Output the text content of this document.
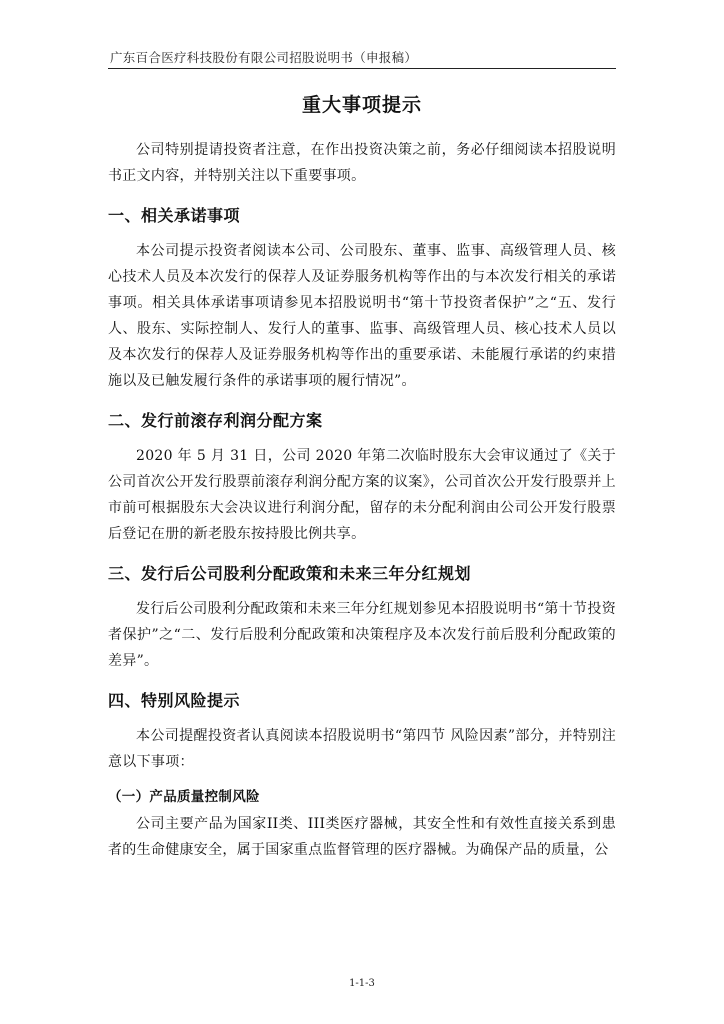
广东百合医疗科技股份有限公司招股说明书（申报稿）
重大事项提示

公司特别提请投资者注意，在作出投资决策之前，务必仔细阅读本招股说明书正文内容，并特别关注以下重要事项。

一、相关承诺事项

本公司提示投资者阅读本公司、公司股东、董事、监事、高级管理人员、核心技术人员及本次发行的保荐人及证券服务机构等作出的与本次发行相关的承诺事项。相关具体承诺事项请参见本招股说明书“第十节投资者保护”之“五、发行人、股东、实际控制人、发行人的董事、监事、高级管理人员、核心技术人员以及本次发行的保荐人及证券服务机构等作出的重要承诺、未能履行承诺的约束措施以及已触发履行条件的承诺事项的履行情况”。

二、发行前滚存利润分配方案

2020 年 5 月 31 日，公司 2020 年第二次临时股东大会审议通过了《关于公司首次公开发行股票前滚存利润分配方案的议案》，公司首次公开发行股票并上市前可根据股东大会决议进行利润分配，留存的未分配利润由公司公开发行股票后登记在册的新老股东按持股比例共享。

三、发行后公司股利分配政策和未来三年分红规划

发行后公司股利分配政策和未来三年分红规划参见本招股说明书“第十节投资者保护”之“二、发行后股利分配政策和决策程序及本次发行前后股利分配政策的差异”。

四、特别风险提示

本公司提醒投资者认真阅读本招股说明书“第四节 风险因素”部分，并特别注意以下事项：

（一）产品质量控制风险

公司主要产品为国家II类、III类医疗器械，其安全性和有效性直接关系到患者的生命健康安全，属于国家重点监督管理的医疗器械。为确保产品的质量，公

1-1-3
